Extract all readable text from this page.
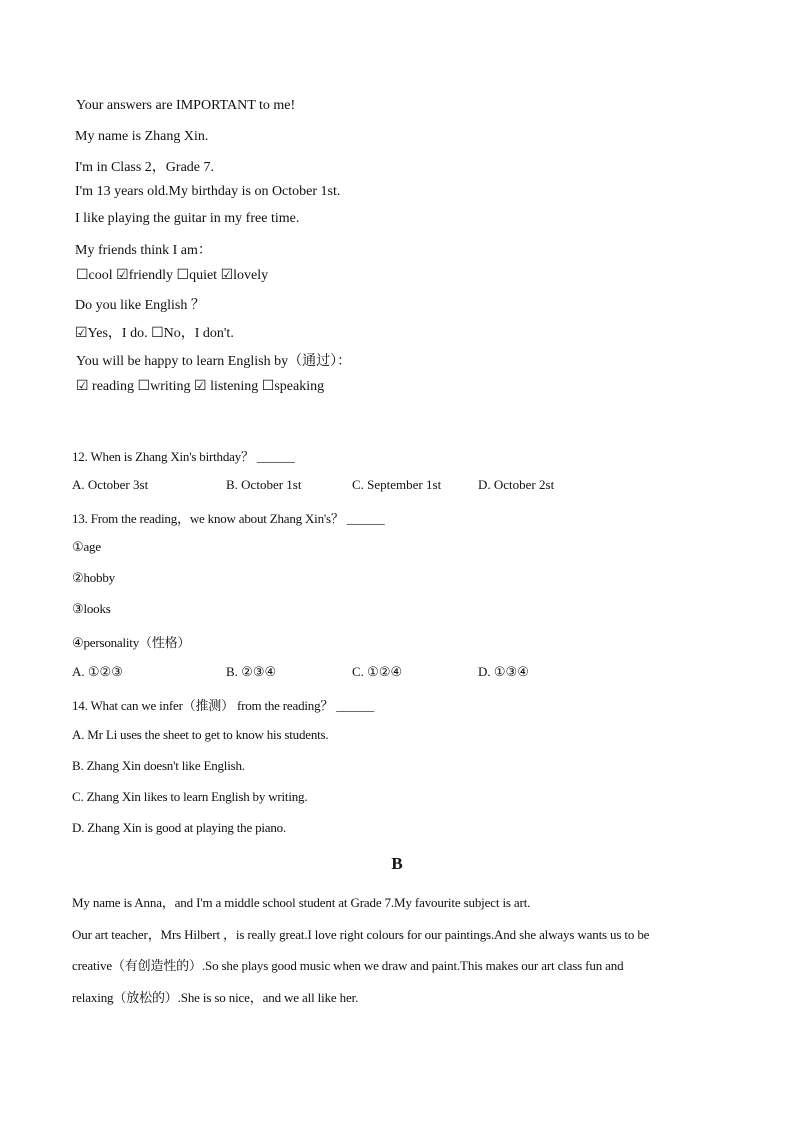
Your answers are IMPORTANT to me!
My name is Zhang Xin.
I'm in Class 2，Grade 7.
I'm 13 years old.My birthday is on October 1st.
I like playing the guitar in my free time.
My friends think I am：
☐cool ☑friendly ☐quiet ☑lovely
Do you like English ？
☑Yes，I do. ☐No，I don't.
You will be happy to learn English by（通过）：
☑ reading ☐writing ☑ listening ☐speaking
12. When is Zhang Xin's birthday？ ______
A. October 3st	B. October 1st	C. September 1st	D. October 2st
13. From the reading，we know about Zhang Xin's？ ______
①age
②hobby
③looks
④personality（性格）
A. ①②③	B. ②③④	C. ①②④	D. ①③④
14. What can we infer（推测） from the reading？ ______
A. Mr Li uses the sheet to get to know his students.
B. Zhang Xin doesn't like English.
C. Zhang Xin likes to learn English by writing.
D. Zhang Xin is good at playing the piano.
B
My name is Anna，and I'm a middle school student at Grade 7.My favourite subject is art.
Our art teacher，Mrs Hilbert ，is really great.I love right colours for our paintings.And she always wants us to be
creative（有创造性的）.So she plays good music when we draw and paint.This makes our art class fun and
relaxing（放松的）.She is so nice，and we all like her.
